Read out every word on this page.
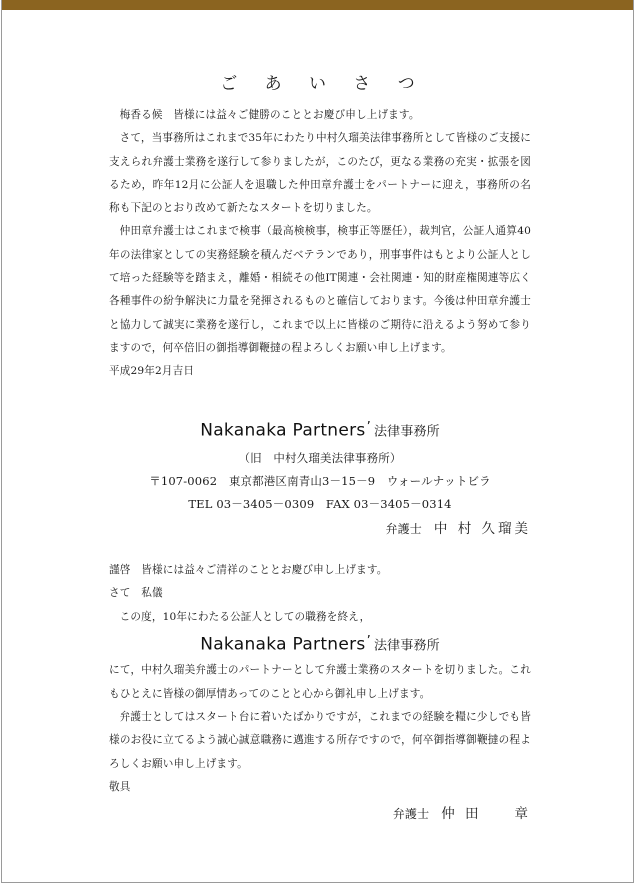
ご あ い さ つ

梅香る候　皆様には益々ご健勝のこととお慶び申し上げます。

さて，当事務所はこれまで35年にわたり中村久瑠美法律事務所として皆様のご支援に支えられ弁護士業務を遂行して参りましたが，このたび，更なる業務の充実・拡張を図るため，昨年12月に公証人を退職した仲田章弁護士をパートナーに迎え，事務所の名称も下記のとおり改めて新たなスタートを切りました。

仲田章弁護士はこれまで検事（最高検検事，検事正等歴任），裁判官，公証人通算40年の法律家としての実務経験を積んだベテランであり，刑事事件はもとより公証人として培った経験等を踏まえ，離婚・相続その他IT関連・会社関連・知的財産権関連等広く各種事件の紛争解決に力量を発揮されるものと確信しております。今後は仲田章弁護士と協力して誠実に業務を遂行し，これまで以上に皆様のご期待に沿えるよう努めて参りますので，何卒倍旧の御指導御鞭撻の程よろしくお願い申し上げます。

平成29年2月吉日

Nakanaka Partners’ 法律事務所
（旧　中村久瑠美法律事務所）
〒107-0062　東京都港区南青山3－15－9　ウォールナットビラ
TEL 03－3405－0309　FAX 03－3405－0314
弁護士 中 村 久瑠美

謹啓　皆様には益々ご清祥のこととお慶び申し上げます。

さて　私儀

この度，10年にわたる公証人としての職務を終え，

Nakanaka Partners’ 法律事務所

にて，中村久瑠美弁護士のパートナーとして弁護士業務のスタートを切りました。これもひとえに皆様の御厚情あってのことと心から御礼申し上げます。

弁護士としてはスタート台に着いたばかりですが，これまでの経験を糧に少しでも皆様のお役に立てるよう誠心誠意職務に邁進する所存ですので，何卒御指導御鞭撻の程よろしくお願い申し上げます。

敬具

弁護士 仲 田　　章
